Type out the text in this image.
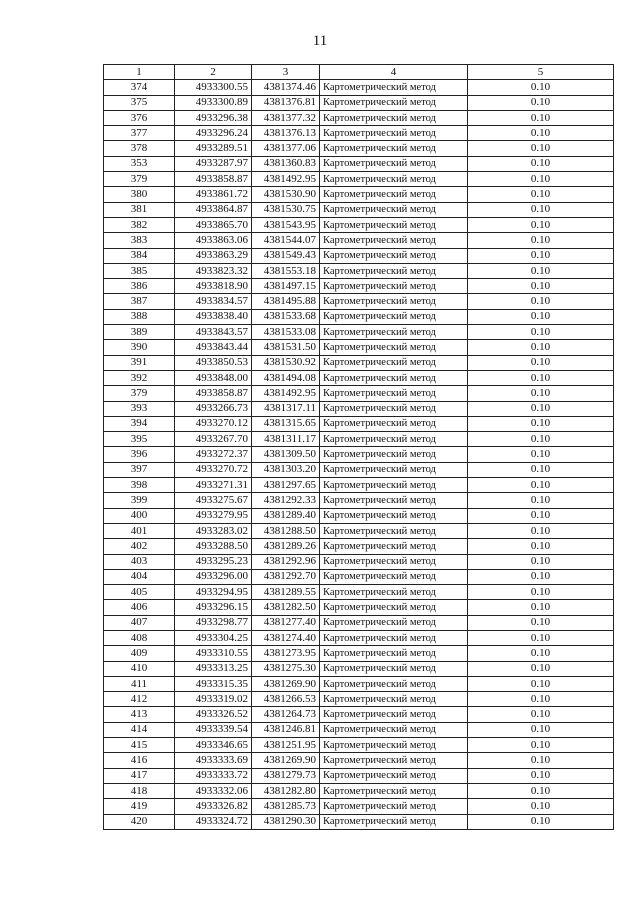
11
1	2	3	4	5
374	4933300.55	4381374.46	Картометрический метод	0.10
375	4933300.89	4381376.81	Картометрический метод	0.10
376	4933296.38	4381377.32	Картометрический метод	0.10
377	4933296.24	4381376.13	Картометрический метод	0.10
378	4933289.51	4381377.06	Картометрический метод	0.10
353	4933287.97	4381360.83	Картометрический метод	0.10
379	4933858.87	4381492.95	Картометрический метод	0.10
380	4933861.72	4381530.90	Картометрический метод	0.10
381	4933864.87	4381530.75	Картометрический метод	0.10
382	4933865.70	4381543.95	Картометрический метод	0.10
383	4933863.06	4381544.07	Картометрический метод	0.10
384	4933863.29	4381549.43	Картометрический метод	0.10
385	4933823.32	4381553.18	Картометрический метод	0.10
386	4933818.90	4381497.15	Картометрический метод	0.10
387	4933834.57	4381495.88	Картометрический метод	0.10
388	4933838.40	4381533.68	Картометрический метод	0.10
389	4933843.57	4381533.08	Картометрический метод	0.10
390	4933843.44	4381531.50	Картометрический метод	0.10
391	4933850.53	4381530.92	Картометрический метод	0.10
392	4933848.00	4381494.08	Картометрический метод	0.10
379	4933858.87	4381492.95	Картометрический метод	0.10
393	4933266.73	4381317.11	Картометрический метод	0.10
394	4933270.12	4381315.65	Картометрический метод	0.10
395	4933267.70	4381311.17	Картометрический метод	0.10
396	4933272.37	4381309.50	Картометрический метод	0.10
397	4933270.72	4381303.20	Картометрический метод	0.10
398	4933271.31	4381297.65	Картометрический метод	0.10
399	4933275.67	4381292.33	Картометрический метод	0.10
400	4933279.95	4381289.40	Картометрический метод	0.10
401	4933283.02	4381288.50	Картометрический метод	0.10
402	4933288.50	4381289.26	Картометрический метод	0.10
403	4933295.23	4381292.96	Картометрический метод	0.10
404	4933296.00	4381292.70	Картометрический метод	0.10
405	4933294.95	4381289.55	Картометрический метод	0.10
406	4933296.15	4381282.50	Картометрический метод	0.10
407	4933298.77	4381277.40	Картометрический метод	0.10
408	4933304.25	4381274.40	Картометрический метод	0.10
409	4933310.55	4381273.95	Картометрический метод	0.10
410	4933313.25	4381275.30	Картометрический метод	0.10
411	4933315.35	4381269.90	Картометрический метод	0.10
412	4933319.02	4381266.53	Картометрический метод	0.10
413	4933326.52	4381264.73	Картометрический метод	0.10
414	4933339.54	4381246.81	Картометрический метод	0.10
415	4933346.65	4381251.95	Картометрический метод	0.10
416	4933333.69	4381269.90	Картометрический метод	0.10
417	4933333.72	4381279.73	Картометрический метод	0.10
418	4933332.06	4381282.80	Картометрический метод	0.10
419	4933326.82	4381285.73	Картометрический метод	0.10
420	4933324.72	4381290.30	Картометрический метод	0.10
